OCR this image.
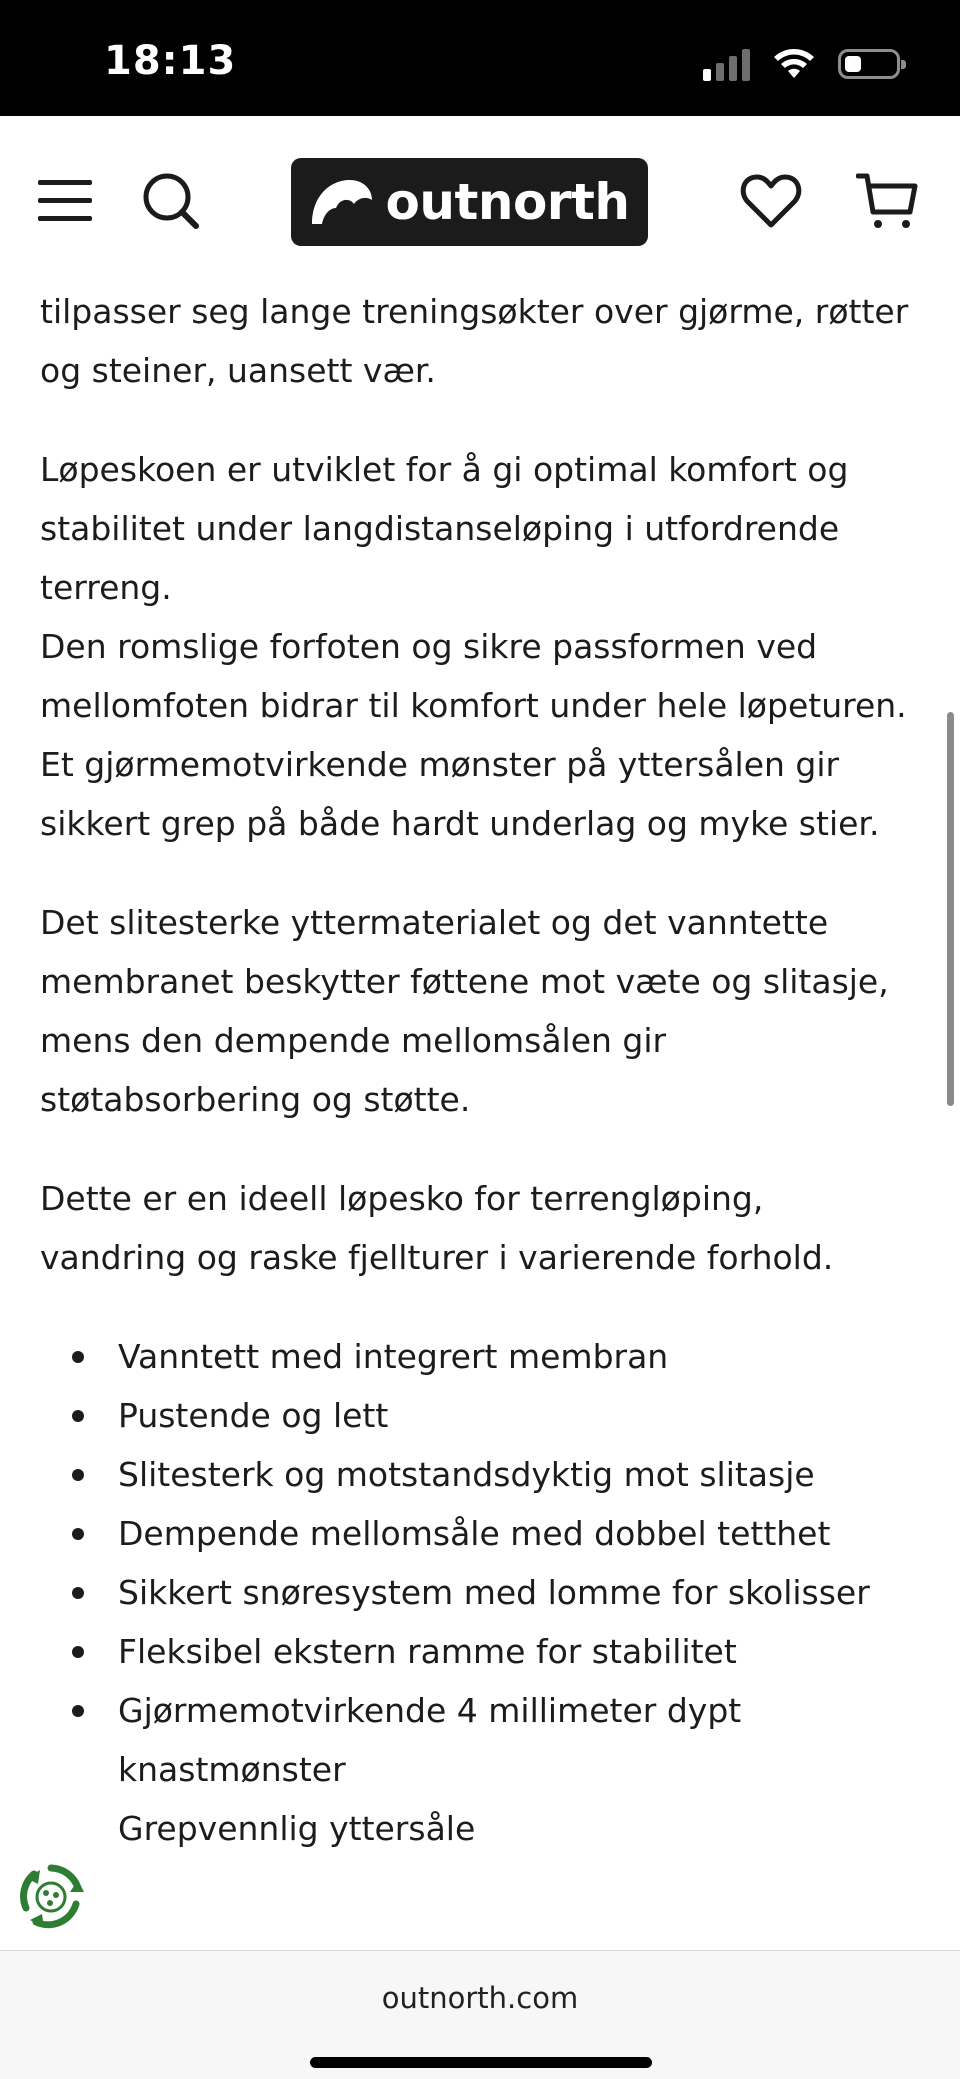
18:13
outnorth

tilpasser seg lange treningsøkter over gjørme, røtter og steiner, uansett vær.

Løpeskoen er utviklet for å gi optimal komfort og stabilitet under langdistanseløping i utfordrende terreng.
Den romslige forfoten og sikre passformen ved mellomfoten bidrar til komfort under hele løpeturen.
Et gjørmemotvirkende mønster på yttersålen gir sikkert grep på både hardt underlag og myke stier.

Det slitesterke yttermaterialet og det vanntette membranet beskytter føttene mot væte og slitasje, mens den dempende mellomsålen gir støtabsorbering og støtte.

Dette er en ideell løpesko for terrengløping, vandring og raske fjellturer i varierende forhold.

Vanntett med integrert membran
Pustende og lett
Slitesterk og motstandsdyktig mot slitasje
Dempende mellomsåle med dobbel tetthet
Sikkert snøresystem med lomme for skolisser
Fleksibel ekstern ramme for stabilitet
Gjørmemotvirkende 4 millimeter dypt knastmønster
Grepvennlig yttersåle
outnorth.com
